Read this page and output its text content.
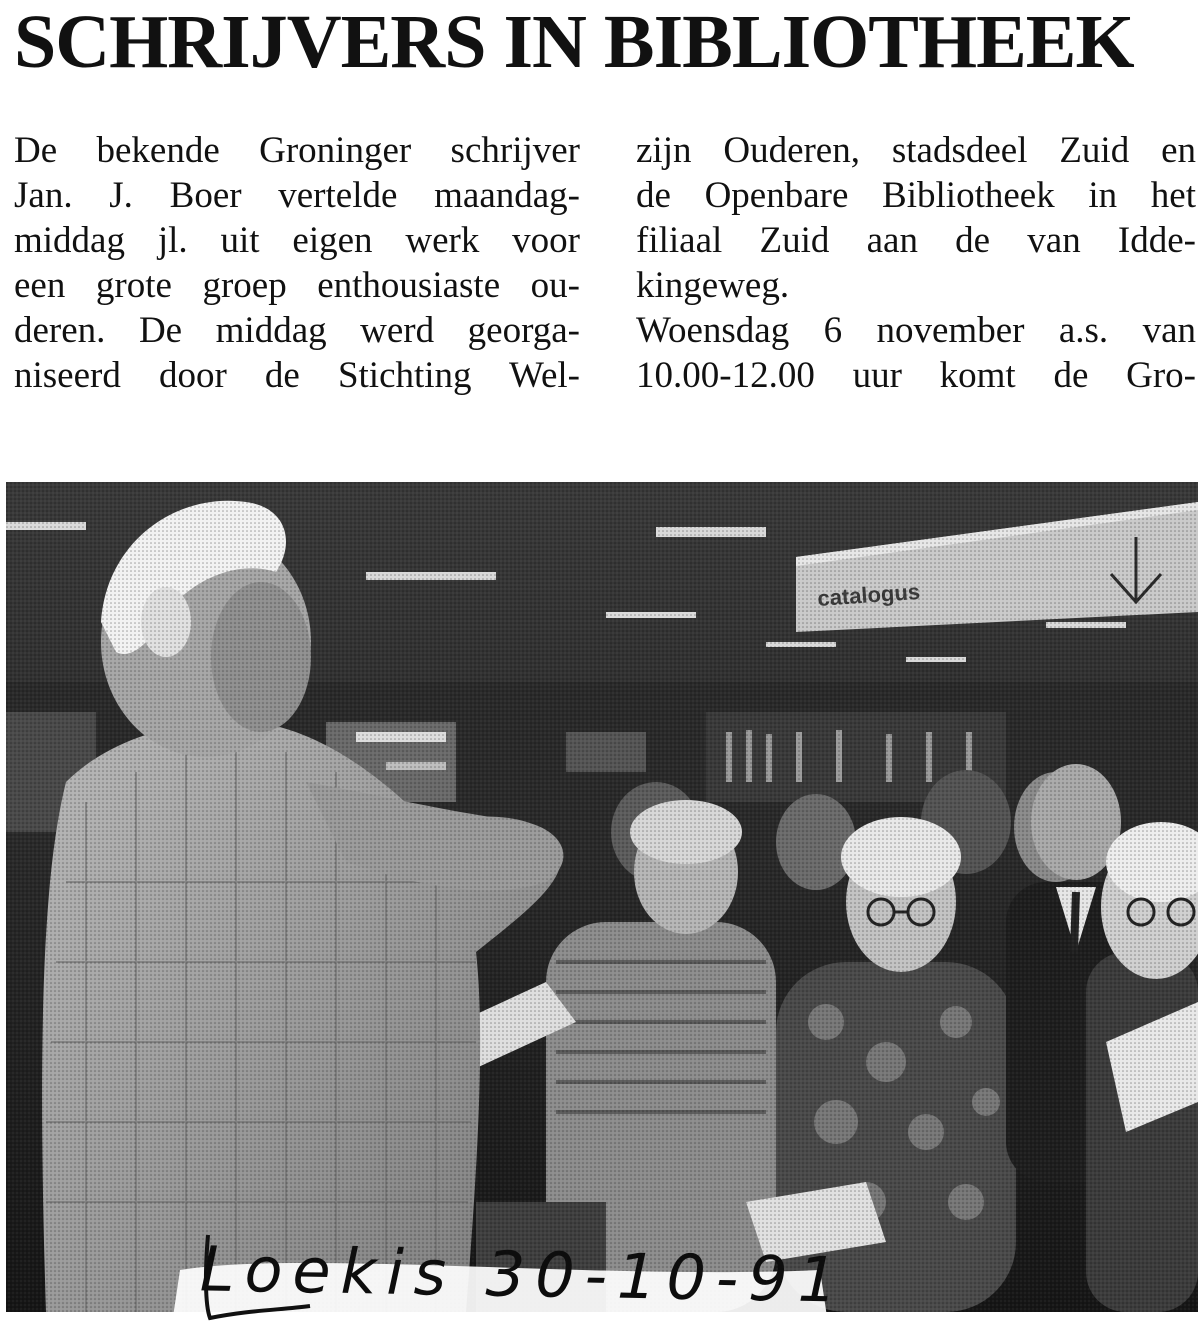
SCHRIJVERS IN BIBLIOTHEEK
De bekende Groninger schrijver
Jan. J. Boer vertelde maandag-
middag jl. uit eigen werk voor
een grote groep enthousiaste ou-
deren. De middag werd georga-
niseerd door de Stichting Wel-
zijn Ouderen, stadsdeel Zuid en
de Openbare Bibliotheek in het
filiaal Zuid aan de van Idde-
kingeweg.
Woensdag 6 november a.s. van
10.00-12.00 uur komt de Gro-
Loekis 30-10-91
